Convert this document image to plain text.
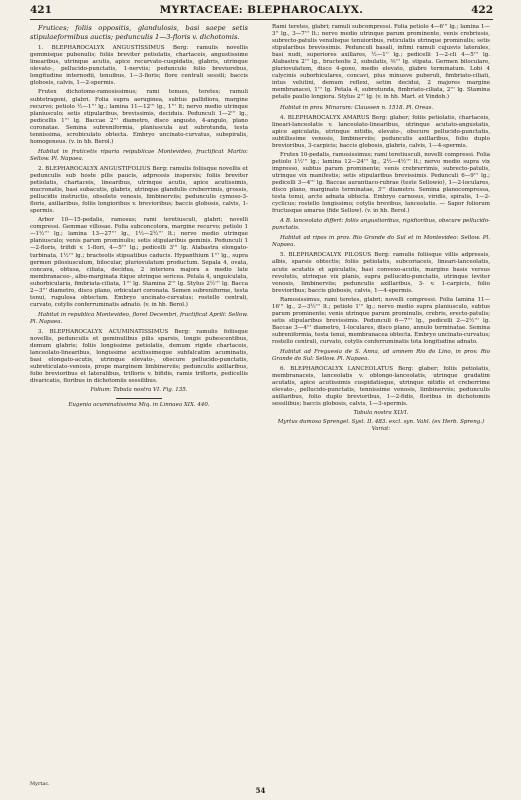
421	MYRTACEAE: BLEPHAROCALYX.	422

Frutices; foliis oppositis, glandulosis, basi saepe setis stipulaeformibus auctis; pedunculis 1—3-floris v. dichotomis.

1. BLEPHAROCALYX ANGUSTISSIMUS Berg: ramulis novellis gemmisque pubenulis; foliis breviter petiolatis, chartaceis, angustissime linearibus, utrinque acutis, apice recurvato-cuspidatis, glabris, utrinque olevato-, pellucido-punctatis, 1-nerviis; pedunculo folio breviorebus, longitudine internodii, tenuibus, 1—3-floris; flore centrali sessili; baccis globosis, calvis, 1—2-spermis.

Frutex dichotome-ramosissimus; rami tenues, teretes; ramuli subtetragoni, glabri. Folia supra aeruginea, subtus pallidiora, margine recurvo; petiolo ½—1''' lg.; lamina 11—12''' lg., 1''' lt; nervo medio utrinque planiusculo; setis stipularibus, brevissimis, deciduis. Pedunculi 1—2''' lg., pedicellis 1''' lg. Baccae 2''' diametro, disco angusto, 4-angulo, plano coronatae. Semina subreniformia, planiuscula aut subrotunda, testa tennissima, scrobiculato obtecta. Embryo uncinato-curvatus, subspiralis, homogeneus. (v. in hb. Berol.)

Habitat in fruticetis riparia reipublicae Montevideo, fructificat Martio: Sellow. Pl. Napaea.

2. BLEPHAROCALYX ANGUSTIFOLIUS Berg: ramulis foliisque novellis et pedunculis sub hoste pilis paucis, adpressis inspersis; foliis breviter petiolatis, chartaceis, linearibus, utrinque acutis, apice acutissimis, mucronatis, basi subacutis, glabris, utrinque glandulis creberrimis, grossis, pellucidis instructis, obsolete venosis, limbinerviis; pedunculis cymoso-3-floris, axillaribus, foliis longioribus v. brevioribus; baccis globosis, calvis, 1-spermis.

Arbor 10—15-pedalis, ramosus; rami teretiusculi, glabri; novelli compressi. Gemmae villosae. Folia subconcolora, margine recurvo; petiolo 1—1½''' lg.; lamina 13—27''' lg., 1½—2½''' lt.; nervo medio utrinque planiusculo; venis parum prominulis; setis stipularibus geminis. Pedunculi 1—2-floris, trifidi v. 1-flori, 4—5''' lg.; pedicelli 3''' lg. Alabastra elongato-turbinata, 1½''' lg.; bracteolis stipuatibus caducis. Hypanthium 1''' lg., supra germen pilosiusculum, bilocular, pluriovulatum productum. Sepala 4, ovata, concava, obtusa, ciliata, decidua, 2 interiora majora a medio late membranaceo-, albo-marginata itique utrinque sericea. Petala 4, unguiculata, suborbicularia, fimbriata-ciliata, 1''' lg. Stamina 2''' lg. Stylus 2½''' lg. Bacca 2—3''' diametro, disco plano, orbiculari coronata. Semen subreniforme, testa tenui, rugulosa obtectum. Embryo uncinato-curvatus; rostello centrali, curvato, cotylis conferruminatis adnato. (v. in hb. Berol.)

Habitat in republica Montevideo, floret Decembri, fructificat Aprili: Sellow. Pl. Napaea.

3. BLEPHAROCALYX ACUMINATISSIMUS Berg: ramulis foliisque novellis, pedunculis et geminulibus pilis sparsis, longis pubescentibus, demum glabris; foliis longissime petiolatis, demum rigide chartaceis, lanceolato-linearibus, longissime acutissimeque subfalcatim acuminatis, basi elongato-acutis, utrinque elevato-, obscure pellucido-punctatis, subreticulato-venosis, prope marginem limbinerviis; pedunculis axillaribus, folio brevioribus et lateralibus, trifloris v. bifidis, ramis trifloris, pedicellis divaricatis, floribus in dichotomiis sessilibus.

Folium: Tabula nostra VI. Fig. 135.

Eugenia acuminatissima Miq. in Linnaea XIX. 440.

Rami teretes, glabri; ramuli subcompressi. Folia petiolo 4—6''' lg.; lamina 1—3'' lg., 3—7''' lt.; nervo medio utrinque parum prominente, venis crebriusis, subrecto-patulis venulisque tenuioribus, reticulatis utrinque prominulis; setis stipularibus brevissimis. Pedunculi basali, infimi ramuli cujusvis laterales, basi nudi, superiores axillares, ½—1'' lg.; pedicelli 1—2-cli 4—5''' lg. Alabastra 2''' lg., bracteolis 2, subulatis, ⅔''' lg. stipata. Germen biloculare, pluriovulatum, disco 4-gono, medio elevato, glabro terminatum. Lobi 4 calycinis suborbiculares, concavi, plus minusve puberuli, fimbriato-ciliati, intus velutini, demum reflexi, setim decidui, 2 majores margine membranacei, 1''' lg. Petala 4, subrotunda, fimbriato-ciliata, 2''' lg. Stamina petalis paulio longiora. Stylus 2''' lg. (v. in hb. Mart. et Vindob.)

Habitat in prov. Minarum: Claussen n. 1518. Pl. Oreas.

4. BLEPHAROCALYX AMARUS Berg: glaber; foliis petiolatis, chartaceis, lineari-lanceolatis v. lanceolato-linearibus, utrinque acutato-angustatis, apice apiculatis, utrinque nitidis, elevato-, obscure pellucido-punctatis, subtilissime venosis, limbinerviis; pedunculis axillaribus, folio duplo brevioribus, 3-carpicis; baccis globosis, glabris, calvis, 1—4-spermis.

Frutex 10-pedalis, ramosissimus; rami teretiusculi, novelli compressi. Folia petiolo 1½''' lg.; lamina 12—24''' lg., 2½—4½''' lt.; nervo medio supra vix impresso, subtus parum prominente; venis crebrerrimis, subrecto-patulis, utrinque vix manifestis; setis stipularibus brevissimis. Pedunculi 6—9''' lg.; pedicelli 3—4''' lg. Baccae aurantiaco-rubrae (teste Sellowio), 1—2-loculares, disco plano, marginato terminatae, 3''' diametro. Semina planocompressa, testa tenui, arcte adnata obtecta. Embryo carnosus, viridis, spiralis, 1—2-cyclicus; rostello longissimo; cotylis brevibus, lanceolatis. — Sapor foliorum fructusque amarus (fide Sellow). (v. in hb. Berol.)

A B. lanceolato differt: foliis angustioribus, rigidioribus, obscure pellucido-punctatis.

Habitat ad ripas in prov. Rio Grande do Sul et in Montevideo: Sellow. Pl. Napaea.

5. BLEPHAROCALYX PILOSUS Berg: ramulis foliisque villis adpressis, albis, sparsis obtectis; foliis petiolatis, subcoriaceis, lineari-lanceolatis, acute acutatis et apiculatis, basi convexo-acutis, margine basis versus revolutis, utrinque vix planis, supra pellucido-punctatis, utrinque leviter venosis, limbinerviis; pedunculis axillaribus, 3- v. 1-carpicis, folio brevioribus; baccis globosis, calvis, 1—4-spermis.

Ramosissimus, rami teretes, glabri; novelli compressi. Folia lamina 11—16''' lg., 2—3½''' lt.; petiolo 1''' lg.; nervo medio supra planiusculo, subtus parum prominente; venis utrinque parum prominulis, crebris, erecto-patulis; setis stipularibus brevissimis. Pedunculi 6—7''' lg., pedicelli 2—2½''' lg. Baccae 3—4''' diametro, 1-loculares, disco plano, annulo terminatae. Semina subreniformia, testa tenui, membranacea obtecta. Embryo uncinato-curvatus; rostello centrali, curvato, cotylis conferruminatis tota longitudine adnato.

Habitat ad Freguesia de S. Anna, ad amnem Rio do Lino, in prov. Rio Grande do Sul: Sellow. Pl. Napaea.

6. BLEPHAROCALYX LANCEOLATUS Berg: glaber; foliis petiolatis, membranaceis, lanceolatis v. oblongo-lanceolatis, utrinque gradatim acutatis, apice acutissimis cuspidatisque, utrinque nitidis et creberrime elevato-, pellucido-punctatis, tennissime venosis, limbinerviis; pedunculis axillaribus, folio duplo brevioribus, 1—2-fidis, floribus in dichotomiis sessilibus; baccis globosis, calvis, 1—3-spermis.

Tabula nostra XLVI.

Myrtus dumosa Sprengel. Syst. II. 483. excl. syn. Vahl. (ex Herb. Spreng.) Variat:

Myrtac.
54
